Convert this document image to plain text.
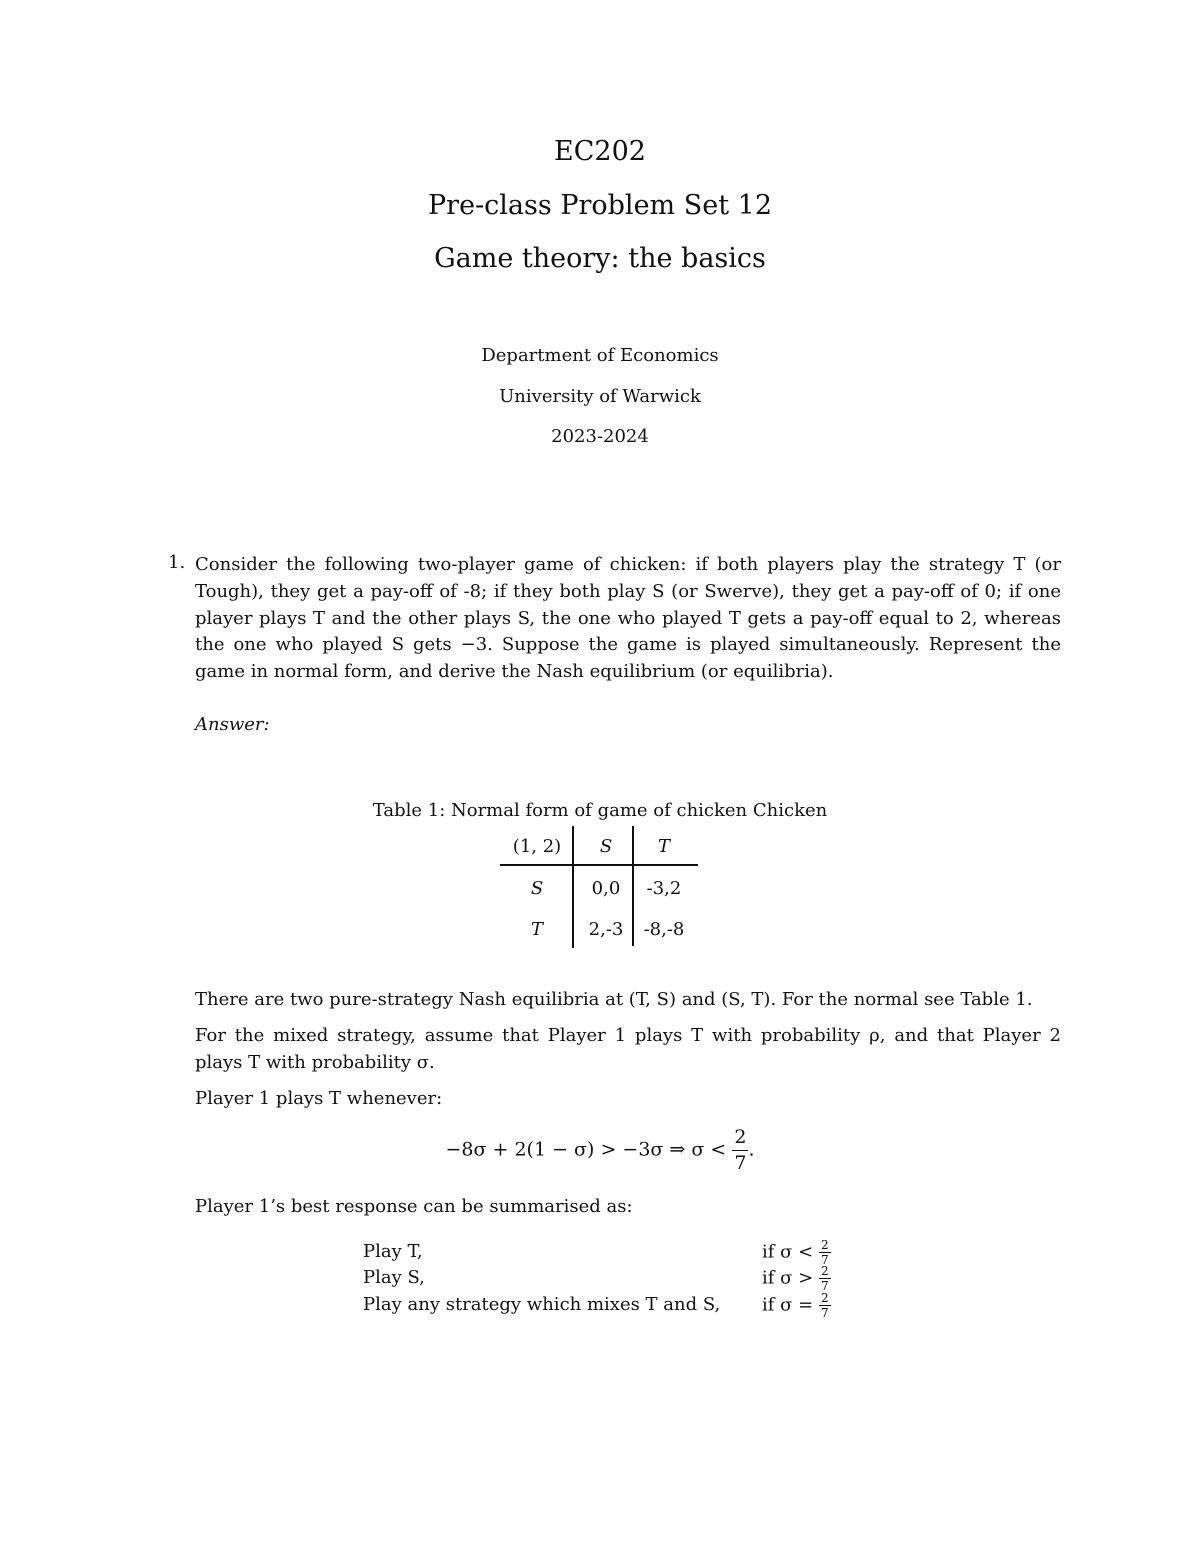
EC202
Pre-class Problem Set 12
Game theory: the basics
Department of Economics
University of Warwick
2023-2024
1. Consider the following two-player game of chicken: if both players play the strategy T (or Tough), they get a pay-off of -8; if they both play S (or Swerve), they get a pay-off of 0; if one player plays T and the other plays S, the one who played T gets a pay-off equal to 2, whereas the one who played S gets −3. Suppose the game is played simultaneously. Represent the game in normal form, and derive the Nash equilibrium (or equilibria).
Answer:
Table 1: Normal form of game of chicken Chicken
(1, 2)	S	T
S	0,0	-3,2
T	2,-3	-8,-8
There are two pure-strategy Nash equilibria at (T, S) and (S, T). For the normal see Table 1.
For the mixed strategy, assume that Player 1 plays T with probability ρ, and that Player 2 plays T with probability σ.
Player 1 plays T whenever:
−8σ + 2(1 − σ) > −3σ ⇒ $\sigma < \frac{2}{7}$ .
Player 1’s best response can be summarised as:
Play T,	if $\sigma < \frac{2}{7}$
Play S,	if $\sigma > \frac{2}{7}$
Play any strategy which mixes T and S, if $\sigma = \frac{2}{7}$
